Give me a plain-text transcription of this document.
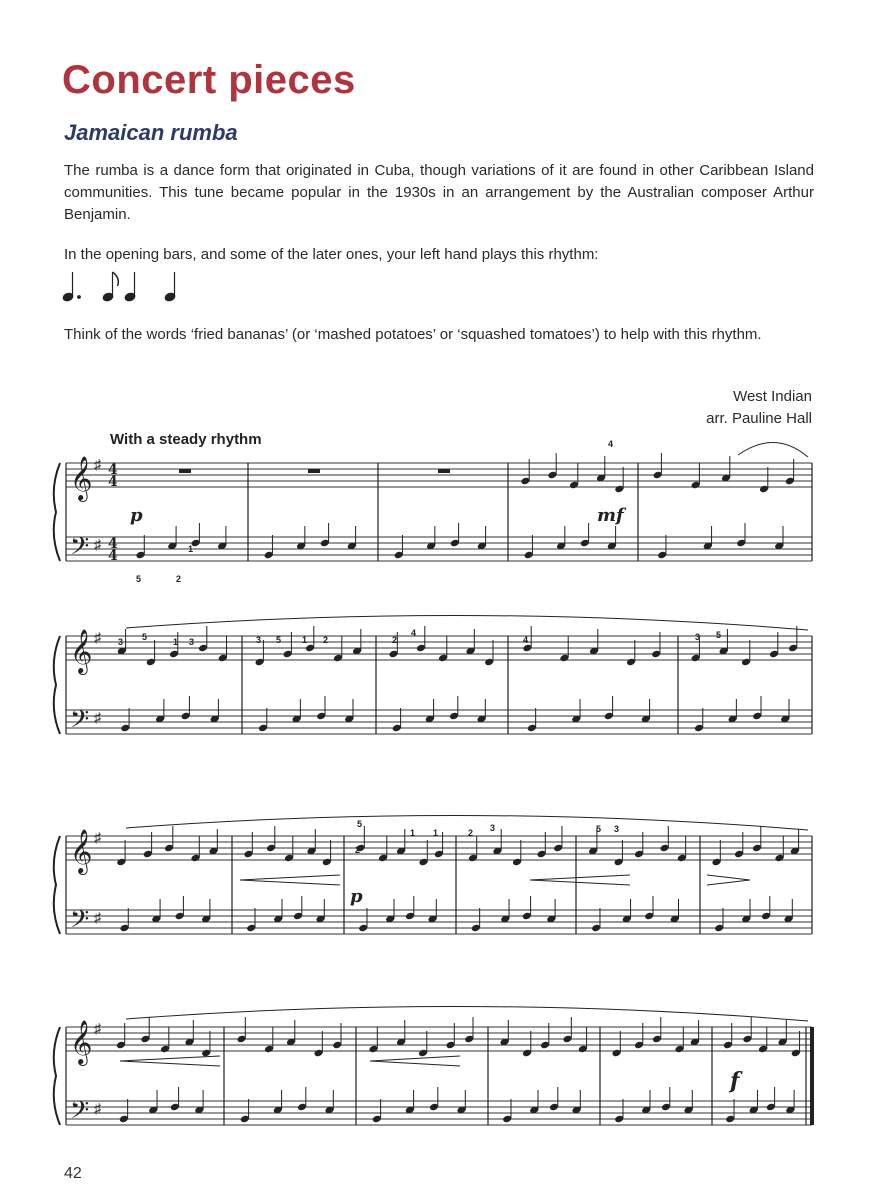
Concert pieces
Jamaican rumba
The rumba is a dance form that originated in Cuba, though variations of it are found in other Caribbean Island communities. This tune became popular in the 1930s in an arrangement by the Australian composer Arthur Benjamin.
In the opening bars, and some of the later ones, your left hand plays this rhythm:
Think of the words ‘fried bananas’ (or ‘mashed potatoes’ or ‘squashed tomatoes’) to help with this rhythm.
West Indian
arr. Pauline Hall
With a steady rhythm
42
𝄞
𝄢
♯
♯
4
4
4
4
𝄞
𝄢
♯
♯
𝄞
𝄢
♯
♯
𝄞
𝄢
♯
♯
p	mf
p
f
4
5	2
1
3 5	1 3	3 5 1 2	2
4
4	3 5
2
1 1	2 3	5 3
5
